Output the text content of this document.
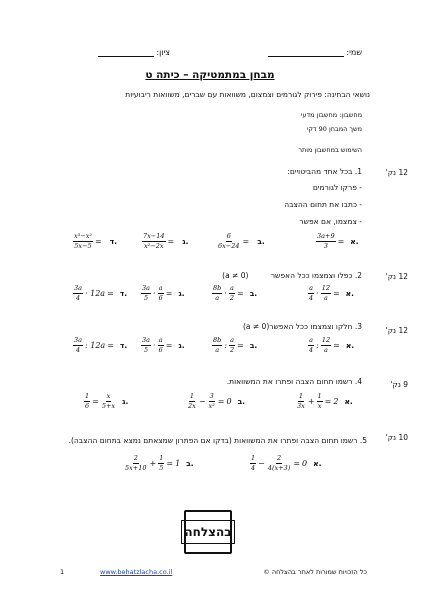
שמי:
ציון:
מבחן במתמטיקה – כיתה ט
נושאי הבחינה: פירוק לגורמים וצמצום, משוואות עם שברים, משוואות ריבועיות
מחשבון: מחשבון מדעי
משך המבחן 90 דקי
השימוש במחשבון מותר
12 נק'
1. בכל אחד מהביטויים:
- פרקו לגורמים
- כתבו את תחום ההצבה
- צמצמו, אם אפשר
$\frac{3a+9}{3}$ = א.
$\frac{6}{6x-24}$ = ב.
$\frac{7x-14}{\text{x²−2x}}$ = ג.
$\frac{\text{x³−x²}}{5x-5}$ = ד.
12 נק'
2. כפלו וצמצמו ככל האפשר (a ≠ 0)
$\frac{a}{4} \cdot \frac{12}{a}$ = א.
$\frac{8b}{a} \cdot \frac{a}{2}$ = ב.
$\frac{3a}{5} \cdot \frac{a}{6}$ = ג.
$\frac{3a}{4} \cdot 12a$ = ד.
12 נק'
3. חלקו וצמצמו ככל האפשר(a ≠ 0)
$\frac{a}{4}$ : $\frac{12}{a}$ = א.
$\frac{8b}{a}$ : $\frac{a}{2}$ = ב.
$\frac{3a}{5} \cdot \frac{a}{6}$ = ג.
$\frac{3a}{4}$ : 12a = ד.
9 נק'
4. רשמו תחום הצבה ופתרו את המשוואות.
$\frac{1}{3x} + \frac{1}{x} = 2$ א.
$\frac{1}{2x} - \frac{3}{\text{x²}} = 0$ ב.
$\frac{1}{6} = \frac{x}{5+x}$ ג.
10 נק'
5. רשמו תחום הצבה ופתרו את המשוואות (בדקו אם הפתרון שמצאתם נמצא בתחום ההצבה).
$\frac{1}{4} - \frac{2}{4(x+3)} = 0$ א.
$\frac{2}{5x+10} + \frac{1}{5} = 1$ ב.
בהצלחה
1	www.behatzlacha.co.il	כל הזכויות שמורות לאתר בהצלחה ©
